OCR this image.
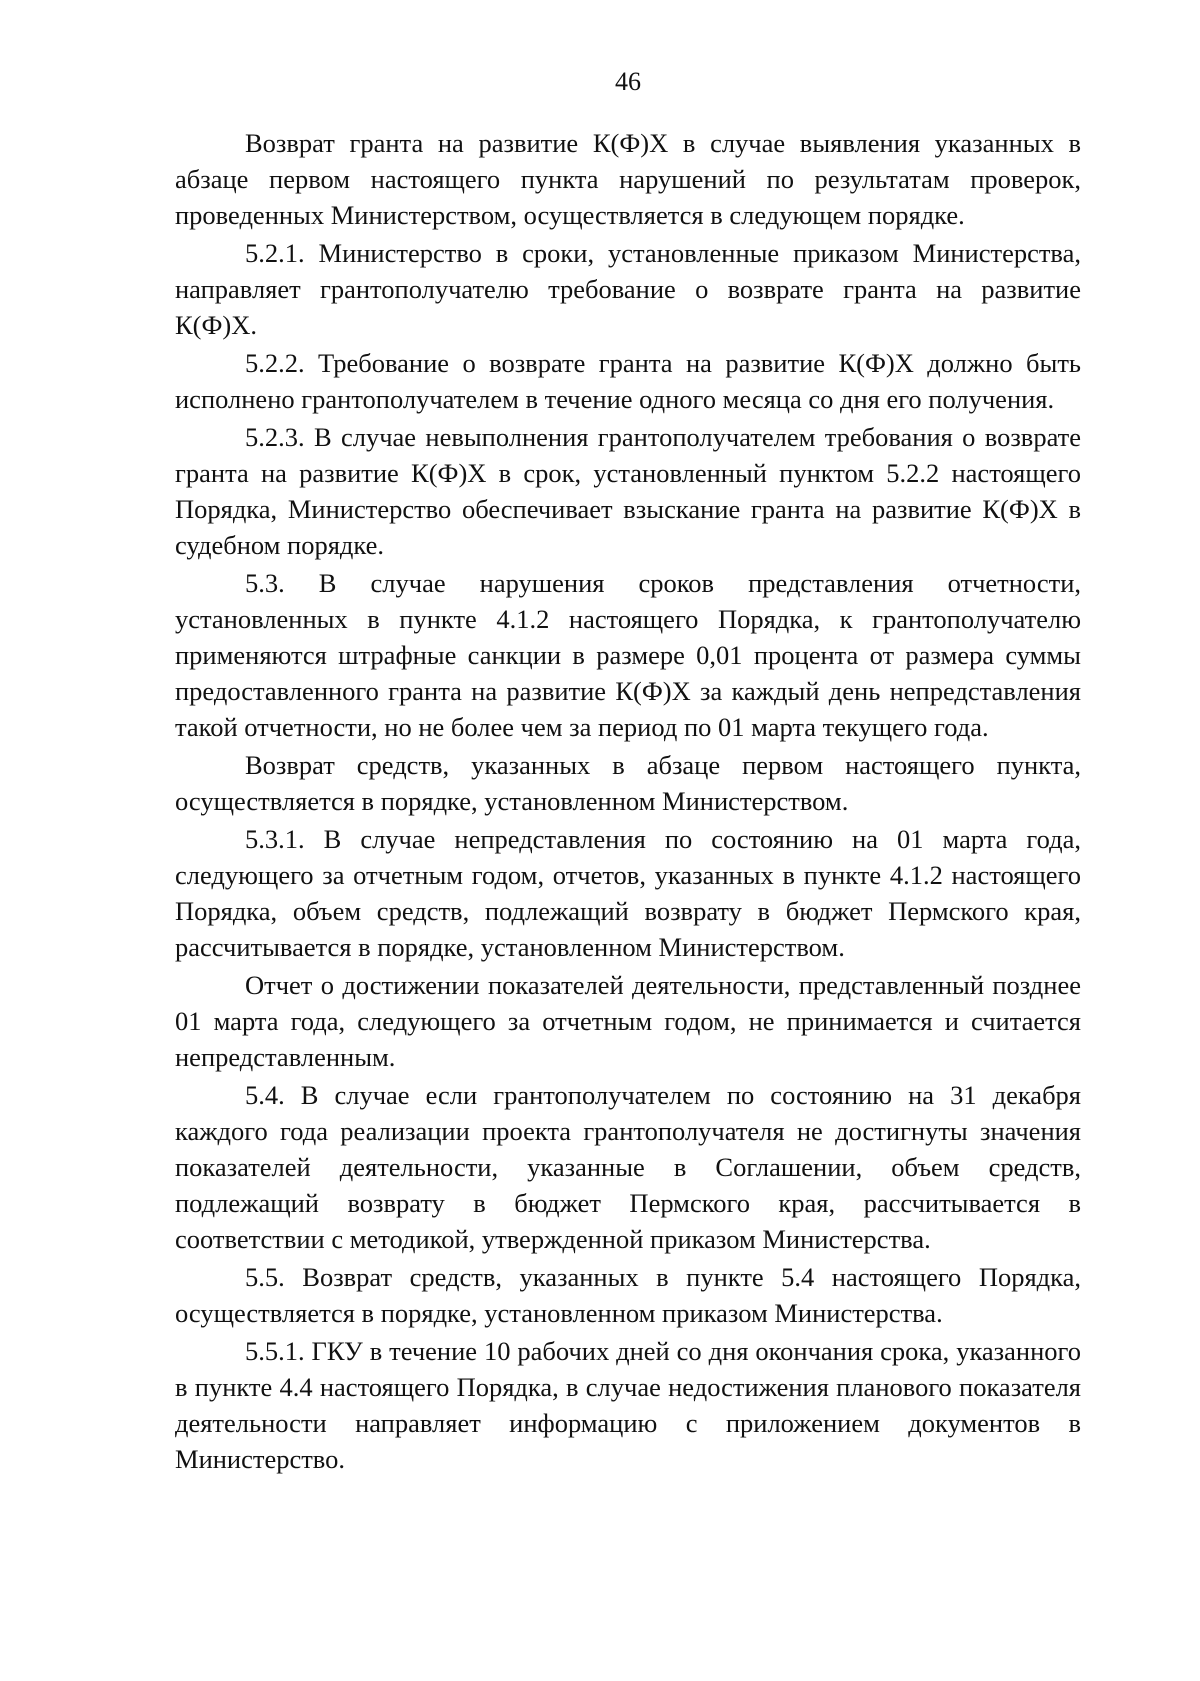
46

Возврат гранта на развитие К(Ф)Х в случае выявления указанных в абзаце первом настоящего пункта нарушений по результатам проверок, проведенных Министерством, осуществляется в следующем порядке.

5.2.1. Министерство в сроки, установленные приказом Министерства, направляет грантополучателю требование о возврате гранта на развитие К(Ф)Х.

5.2.2. Требование о возврате гранта на развитие К(Ф)Х должно быть исполнено грантополучателем в течение одного месяца со дня его получения.

5.2.3. В случае невыполнения грантополучателем требования о возврате гранта на развитие К(Ф)Х в срок, установленный пунктом 5.2.2 настоящего Порядка, Министерство обеспечивает взыскание гранта на развитие К(Ф)Х в судебном порядке.

5.3. В случае нарушения сроков представления отчетности, установленных в пункте 4.1.2 настоящего Порядка, к грантополучателю применяются штрафные санкции в размере 0,01 процента от размера суммы предоставленного гранта на развитие К(Ф)Х за каждый день непредставления такой отчетности, но не более чем за период по 01 марта текущего года.

Возврат средств, указанных в абзаце первом настоящего пункта, осуществляется в порядке, установленном Министерством.

5.3.1. В случае непредставления по состоянию на 01 марта года, следующего за отчетным годом, отчетов, указанных в пункте 4.1.2 настоящего Порядка, объем средств, подлежащий возврату в бюджет Пермского края, рассчитывается в порядке, установленном Министерством.

Отчет о достижении показателей деятельности, представленный позднее 01 марта года, следующего за отчетным годом, не принимается и считается непредставленным.

5.4. В случае если грантополучателем по состоянию на 31 декабря каждого года реализации проекта грантополучателя не достигнуты значения показателей деятельности, указанные в Соглашении, объем средств, подлежащий возврату в бюджет Пермского края, рассчитывается в соответствии с методикой, утвержденной приказом Министерства.

5.5. Возврат средств, указанных в пункте 5.4 настоящего Порядка, осуществляется в порядке, установленном приказом Министерства.

5.5.1. ГКУ в течение 10 рабочих дней со дня окончания срока, указанного в пункте 4.4 настоящего Порядка, в случае недостижения планового показателя деятельности направляет информацию с приложением документов в Министерство.
